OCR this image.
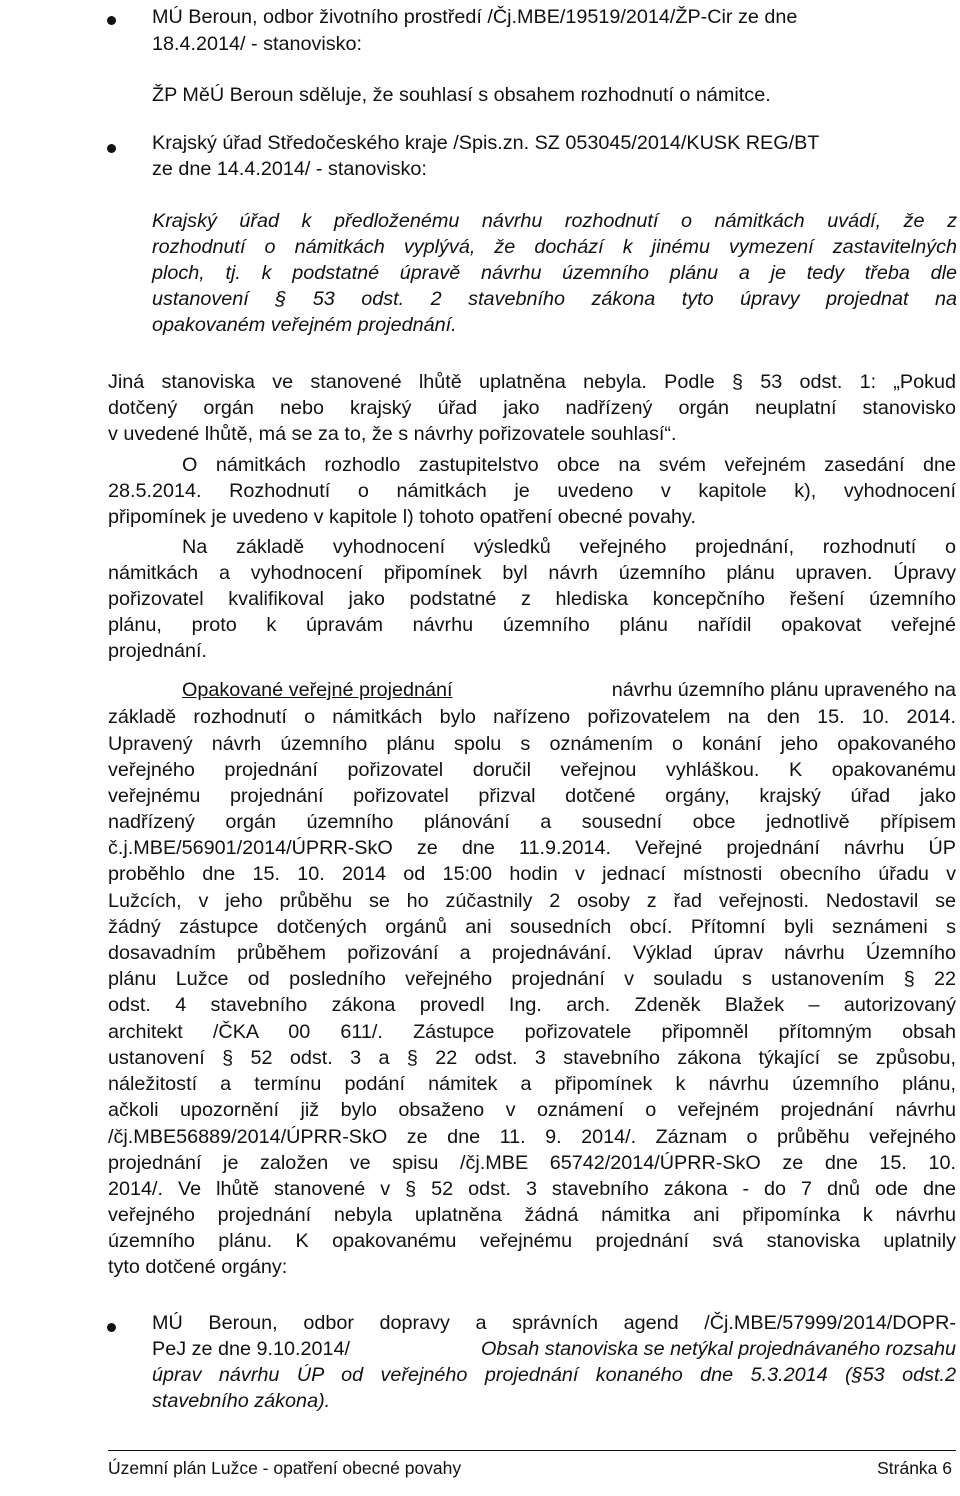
MÚ Beroun, odbor životního prostředí /Čj.MBE/19519/2014/ŽP-Cir ze dne
18.4.2014/ - stanovisko:
ŽP MěÚ Beroun sděluje, že souhlasí s obsahem rozhodnutí o námitce.
Krajský úřad Středočeského kraje /Spis.zn. SZ 053045/2014/KUSK REG/BT
ze dne 14.4.2014/ - stanovisko:
Krajský úřad k předloženému návrhu rozhodnutí o námitkách uvádí, že z
rozhodnutí o námitkách vyplývá, že dochází k jinému vymezení zastavitelných
ploch, tj. k podstatné úpravě návrhu územního plánu a je tedy třeba dle
ustanovení § 53 odst. 2 stavebního zákona tyto úpravy projednat na
opakovaném veřejném projednání.
Jiná stanoviska ve stanovené lhůtě uplatněna nebyla. Podle § 53 odst. 1: „Pokud
dotčený orgán nebo krajský úřad jako nadřízený orgán neuplatní stanovisko
v uvedené lhůtě, má se za to, že s návrhy pořizovatele souhlasí“.
O námitkách rozhodlo zastupitelstvo obce na svém veřejném zasedání dne
28.5.2014. Rozhodnutí o námitkách je uvedeno v kapitole k), vyhodnocení
připomínek je uvedeno v kapitole l) tohoto opatření obecné povahy.
Na základě vyhodnocení výsledků veřejného projednání, rozhodnutí o
námitkách a vyhodnocení připomínek byl návrh územního plánu upraven. Úpravy
pořizovatel kvalifikoval jako podstatné z hlediska koncepčního řešení územního
plánu, proto k úpravám návrhu územního plánu nařídil opakovat veřejné
projednání.
Opakované veřejné projednání	návrhu územního plánu upraveného na
základě rozhodnutí o námitkách bylo nařízeno pořizovatelem na den 15. 10. 2014.
Upravený návrh územního plánu spolu s oznámením o konání jeho opakovaného
veřejného projednání pořizovatel doručil veřejnou vyhláškou. K opakovanému
veřejnému projednání pořizovatel přizval dotčené orgány, krajský úřad jako
nadřízený orgán územního plánování a sousední obce jednotlivě přípisem
č.j.MBE/56901/2014/ÚPRR-SkO ze dne 11.9.2014. Veřejné projednání návrhu ÚP
proběhlo dne 15. 10. 2014 od 15:00 hodin v jednací místnosti obecního úřadu v
Lužcích, v jeho průběhu se ho zúčastnily 2 osoby z řad veřejnosti. Nedostavil se
žádný zástupce dotčených orgánů ani sousedních obcí. Přítomní byli seznámeni s
dosavadním průběhem pořizování a projednávání. Výklad úprav návrhu Územního
plánu Lužce od posledního veřejného projednání v souladu s ustanovením § 22
odst. 4 stavebního zákona provedl Ing. arch. Zdeněk Blažek – autorizovaný
architekt /ČKA 00 611/. Zástupce pořizovatele připomněl přítomným obsah
ustanovení § 52 odst. 3 a § 22 odst. 3 stavebního zákona týkající se způsobu,
náležitostí a termínu podání námitek a připomínek k návrhu územního plánu,
ačkoli upozornění již bylo obsaženo v oznámení o veřejném projednání návrhu
/čj.MBE56889/2014/ÚPRR-SkO ze dne 11. 9. 2014/. Záznam o průběhu veřejného
projednání je založen ve spisu /čj.MBE 65742/2014/ÚPRR-SkO ze dne 15. 10.
2014/. Ve lhůtě stanovené v § 52 odst. 3 stavebního zákona - do 7 dnů ode dne
veřejného projednání nebyla uplatněna žádná námitka ani připomínka k návrhu
územního plánu. K opakovanému veřejnému projednání svá stanoviska uplatnily
tyto dotčené orgány:
MÚ Beroun, odbor dopravy a správních agend /Čj.MBE/57999/2014/DOPR-
PeJ ze dne 9.10.2014/	Obsah stanoviska se netýkal projednávaného rozsahu
úprav návrhu ÚP od veřejného projednání konaného dne 5.3.2014 (§53 odst.2
stavebního zákona).
Územní plán Lužce - opatření obecné povahy	Stránka 6
